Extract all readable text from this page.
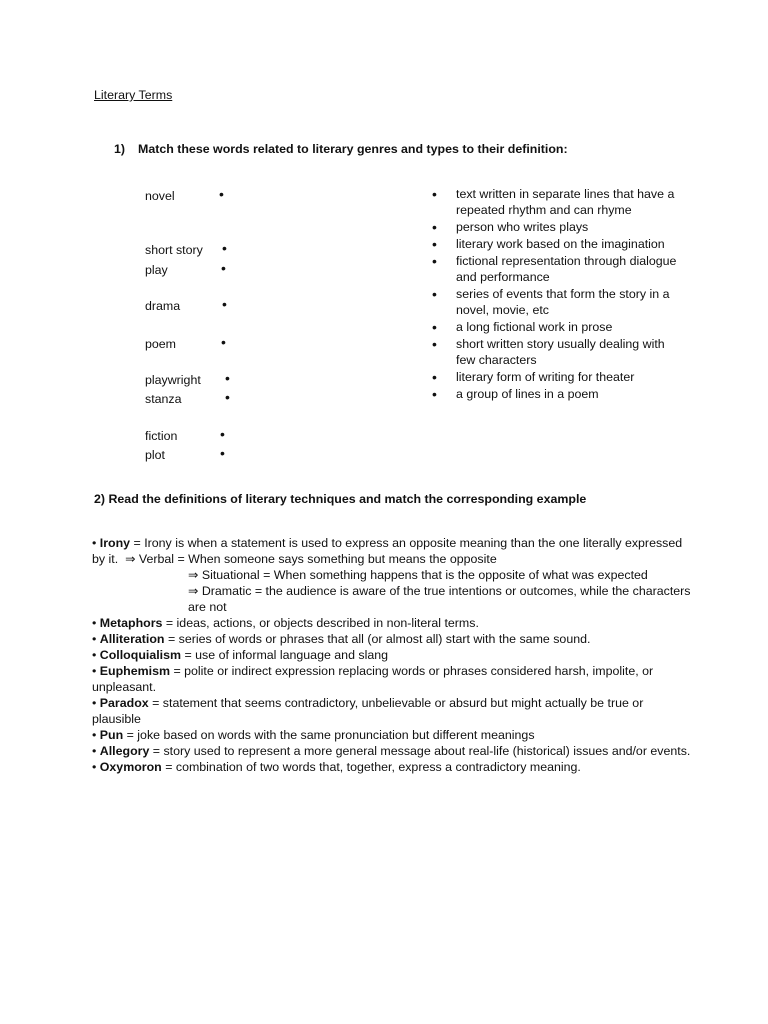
Literary Terms
1) Match these words related to literary genres and types to their definition:
novel	•
short story	•
play	•
drama	•
poem	•
playwright	•
stanza	•
fiction	•
plot	•
• text written in separate lines that have a repeated rhythm and can rhyme
• person who writes plays
• literary work based on the imagination
• fictional representation through dialogue and performance
• series of events that form the story in a novel, movie, etc
• a long fictional work in prose
• short written story usually dealing with few characters
• literary form of writing for theater
• a group of lines in a poem
2) Read the definitions of literary techniques and match the corresponding example

• Irony = Irony is when a statement is used to express an opposite meaning than the one literally expressed by it. ⇒ Verbal = When someone says something but means the opposite

⇒ Situational = When something happens that is the opposite of what was expected

⇒ Dramatic = the audience is aware of the true intentions or outcomes, while the characters are not

• Metaphors = ideas, actions, or objects described in non-literal terms.

• Alliteration = series of words or phrases that all (or almost all) start with the same sound.

• Colloquialism = use of informal language and slang

• Euphemism = polite or indirect expression replacing words or phrases considered harsh, impolite, or unpleasant.

• Paradox = statement that seems contradictory, unbelievable or absurd but might actually be true or plausible

• Pun = joke based on words with the same pronunciation but different meanings

• Allegory = story used to represent a more general message about real-life (historical) issues and/or events.

• Oxymoron = combination of two words that, together, express a contradictory meaning.
